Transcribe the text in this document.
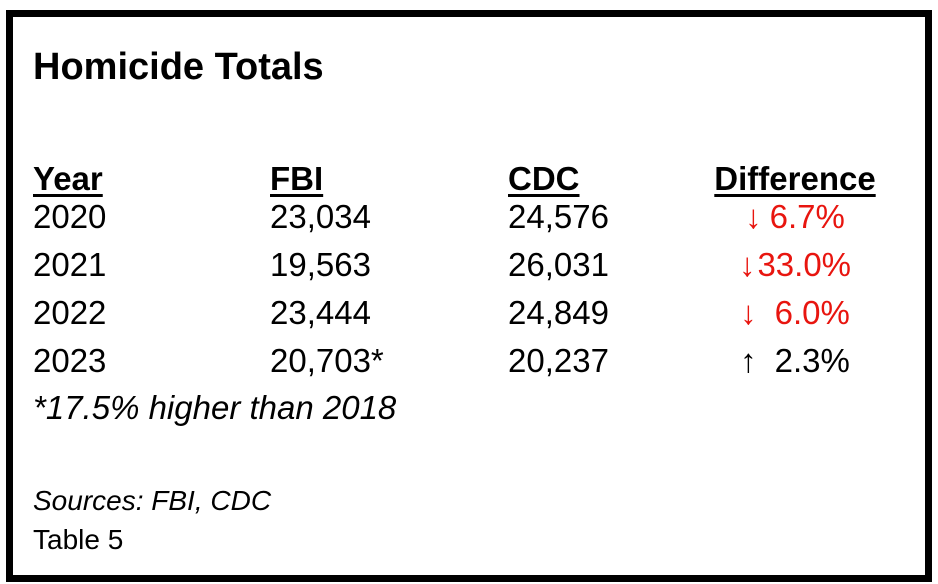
Homicide Totals
Year	FBI	CDC	Difference
2020	23,034	24,576	↓ 6.7%
2021	19,563	26,031	↓33.0%
2022	23,444	24,849	↓ 6.0%
2023	20,703*	20,237	↑ 2.3%
*17.5% higher than 2018
Sources: FBI, CDC
Table 5
